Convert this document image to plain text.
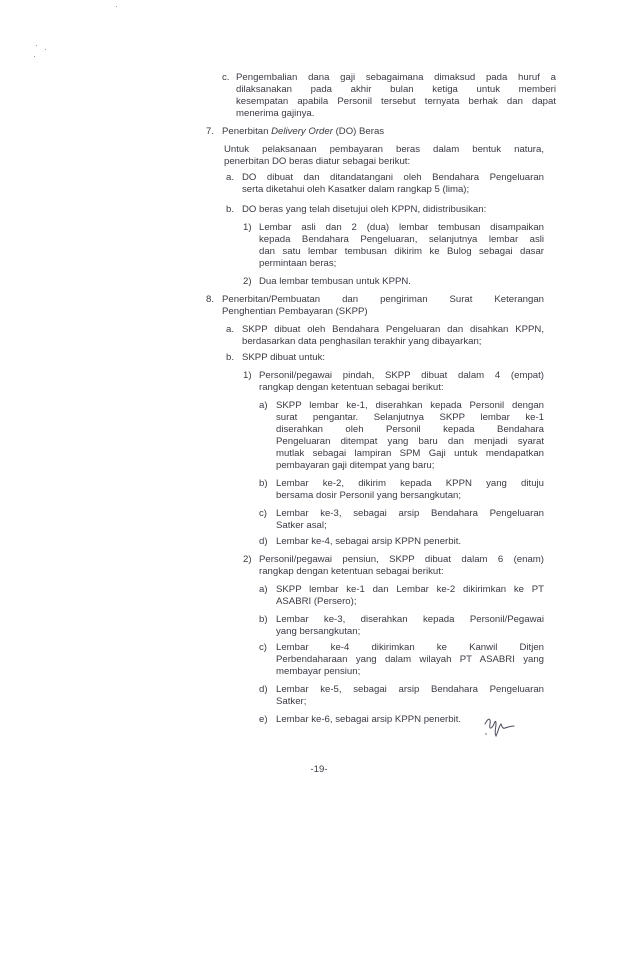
c. Pengembalian dana gaji sebagaimana dimaksud pada huruf a
dilaksanakan pada akhir bulan ketiga untuk memberi
kesempatan apabila Personil tersebut ternyata berhak dan dapat
menerima gajinya.
7. Penerbitan Delivery Order (DO) Beras
Untuk pelaksanaan pembayaran beras dalam bentuk natura,
penerbitan DO beras diatur sebagai berikut:
a. DO dibuat dan ditandatangani oleh Bendahara Pengeluaran
serta diketahui oleh Kasatker dalam rangkap 5 (lima);
b. DO beras yang telah disetujui oleh KPPN, didistribusikan:
1) Lembar asli dan 2 (dua) lembar tembusan disampaikan
kepada Bendahara Pengeluaran, selanjutnya lembar asli
dan satu lembar tembusan dikirim ke Bulog sebagai dasar
permintaan beras;
2) Dua lembar tembusan untuk KPPN.
8. Penerbitan/Pembuatan dan pengiriman Surat Keterangan
Penghentian Pembayaran (SKPP)
a. SKPP dibuat oleh Bendahara Pengeluaran dan disahkan KPPN,
berdasarkan data penghasilan terakhir yang dibayarkan;
b. SKPP dibuat untuk:
1) Personil/pegawai pindah, SKPP dibuat dalam 4 (empat)
rangkap dengan ketentuan sebagai berikut:
a) SKPP lembar ke-1, diserahkan kepada Personil dengan
surat pengantar. Selanjutnya SKPP lembar ke-1
diserahkan oleh Personil kepada Bendahara
Pengeluaran ditempat yang baru dan menjadi syarat
mutlak sebagai lampiran SPM Gaji untuk mendapatkan
pembayaran gaji ditempat yang baru;
b) Lembar ke-2, dikirim kepada KPPN yang dituju
bersama dosir Personil yang bersangkutan;
c) Lembar ke-3, sebagai arsip Bendahara Pengeluaran
Satker asal;
d) Lembar ke-4, sebagai arsip KPPN penerbit.
2) Personil/pegawai pensiun, SKPP dibuat dalam 6 (enam)
rangkap dengan ketentuan sebagai berikut:
a) SKPP lembar ke-1 dan Lembar ke-2 dikirimkan ke PT
ASABRI (Persero);
b) Lembar ke-3, diserahkan kepada Personil/Pegawai
yang bersangkutan;
c) Lembar ke-4 dikirimkan ke Kanwil Ditjen
Perbendaharaan yang dalam wilayah PT ASABRI yang
membayar pensiun;
d) Lembar ke-5, sebagai arsip Bendahara Pengeluaran
Satker;
e) Lembar ke-6, sebagai arsip KPPN penerbit.
-19-
